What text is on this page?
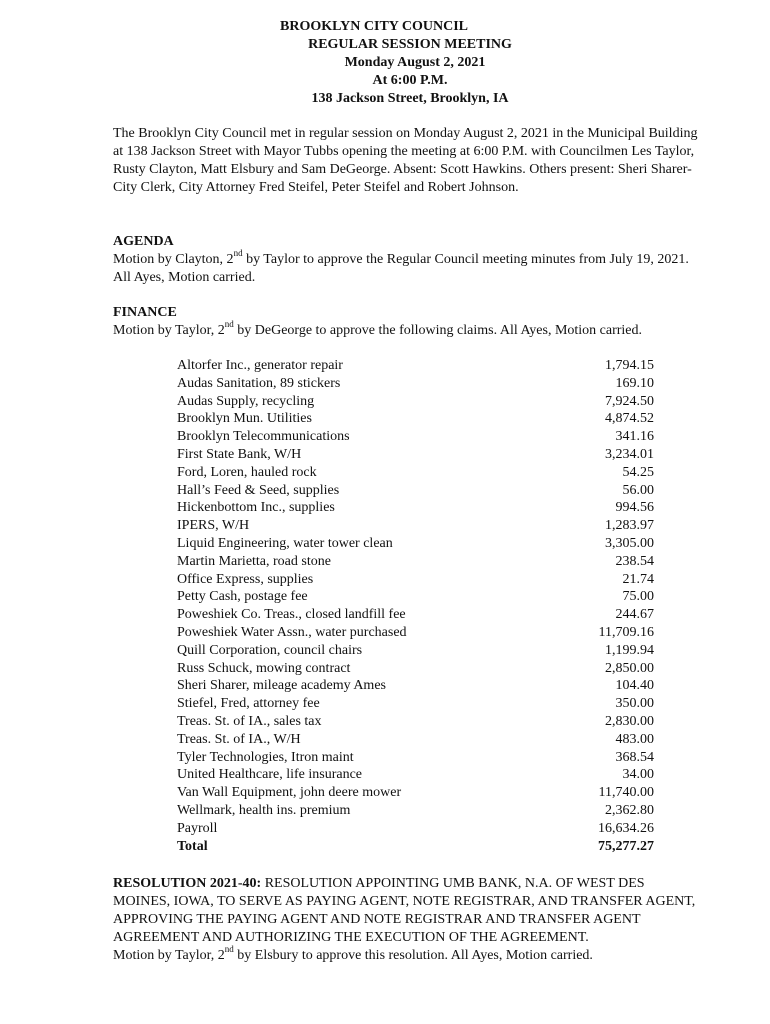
BROOKLYN CITY COUNCIL
REGULAR SESSION MEETING
Monday August 2, 2021
At 6:00 P.M.
138 Jackson Street, Brooklyn, IA

The Brooklyn City Council met in regular session on Monday August 2, 2021 in the Municipal Building at 138 Jackson Street with Mayor Tubbs opening the meeting at 6:00 P.M. with Councilmen Les Taylor, Rusty Clayton, Matt Elsbury and Sam DeGeorge. Absent: Scott Hawkins. Others present: Sheri Sharer-City Clerk, City Attorney Fred Steifel, Peter Steifel and Robert Johnson.

AGENDA
Motion by Clayton, 2nd by Taylor to approve the Regular Council meeting minutes from July 19, 2021. All Ayes, Motion carried.

FINANCE
Motion by Taylor, 2nd by DeGeorge to approve the following claims. All Ayes, Motion carried.

Altorfer Inc., generator repair	1,794.15
Audas Sanitation, 89 stickers	169.10
Audas Supply, recycling	7,924.50
Brooklyn Mun. Utilities	4,874.52
Brooklyn Telecommunications	341.16
First State Bank, W/H	3,234.01
Ford, Loren, hauled rock	54.25
Hall’s Feed & Seed, supplies	56.00
Hickenbottom Inc., supplies	994.56
IPERS, W/H	1,283.97
Liquid Engineering, water tower clean	3,305.00
Martin Marietta, road stone	238.54
Office Express, supplies	21.74
Petty Cash, postage fee	75.00
Poweshiek Co. Treas., closed landfill fee	244.67
Poweshiek Water Assn., water purchased	11,709.16
Quill Corporation, council chairs	1,199.94
Russ Schuck, mowing contract	2,850.00
Sheri Sharer, mileage academy Ames	104.40
Stiefel, Fred, attorney fee	350.00
Treas. St. of IA., sales tax	2,830.00
Treas. St. of IA., W/H	483.00
Tyler Technologies, Itron maint	368.54
United Healthcare, life insurance	34.00
Van Wall Equipment, john deere mower	11,740.00
Wellmark, health ins. premium	2,362.80
Payroll	16,634.26
Total	75,277.27

RESOLUTION 2021-40: RESOLUTION APPOINTING UMB BANK, N.A. OF WEST DES MOINES, IOWA, TO SERVE AS PAYING AGENT, NOTE REGISTRAR, AND TRANSFER AGENT, APPROVING THE PAYING AGENT AND NOTE REGISTRAR AND TRANSFER AGENT AGREEMENT AND AUTHORIZING THE EXECUTION OF THE AGREEMENT.
Motion by Taylor, 2nd by Elsbury to approve this resolution. All Ayes, Motion carried.
